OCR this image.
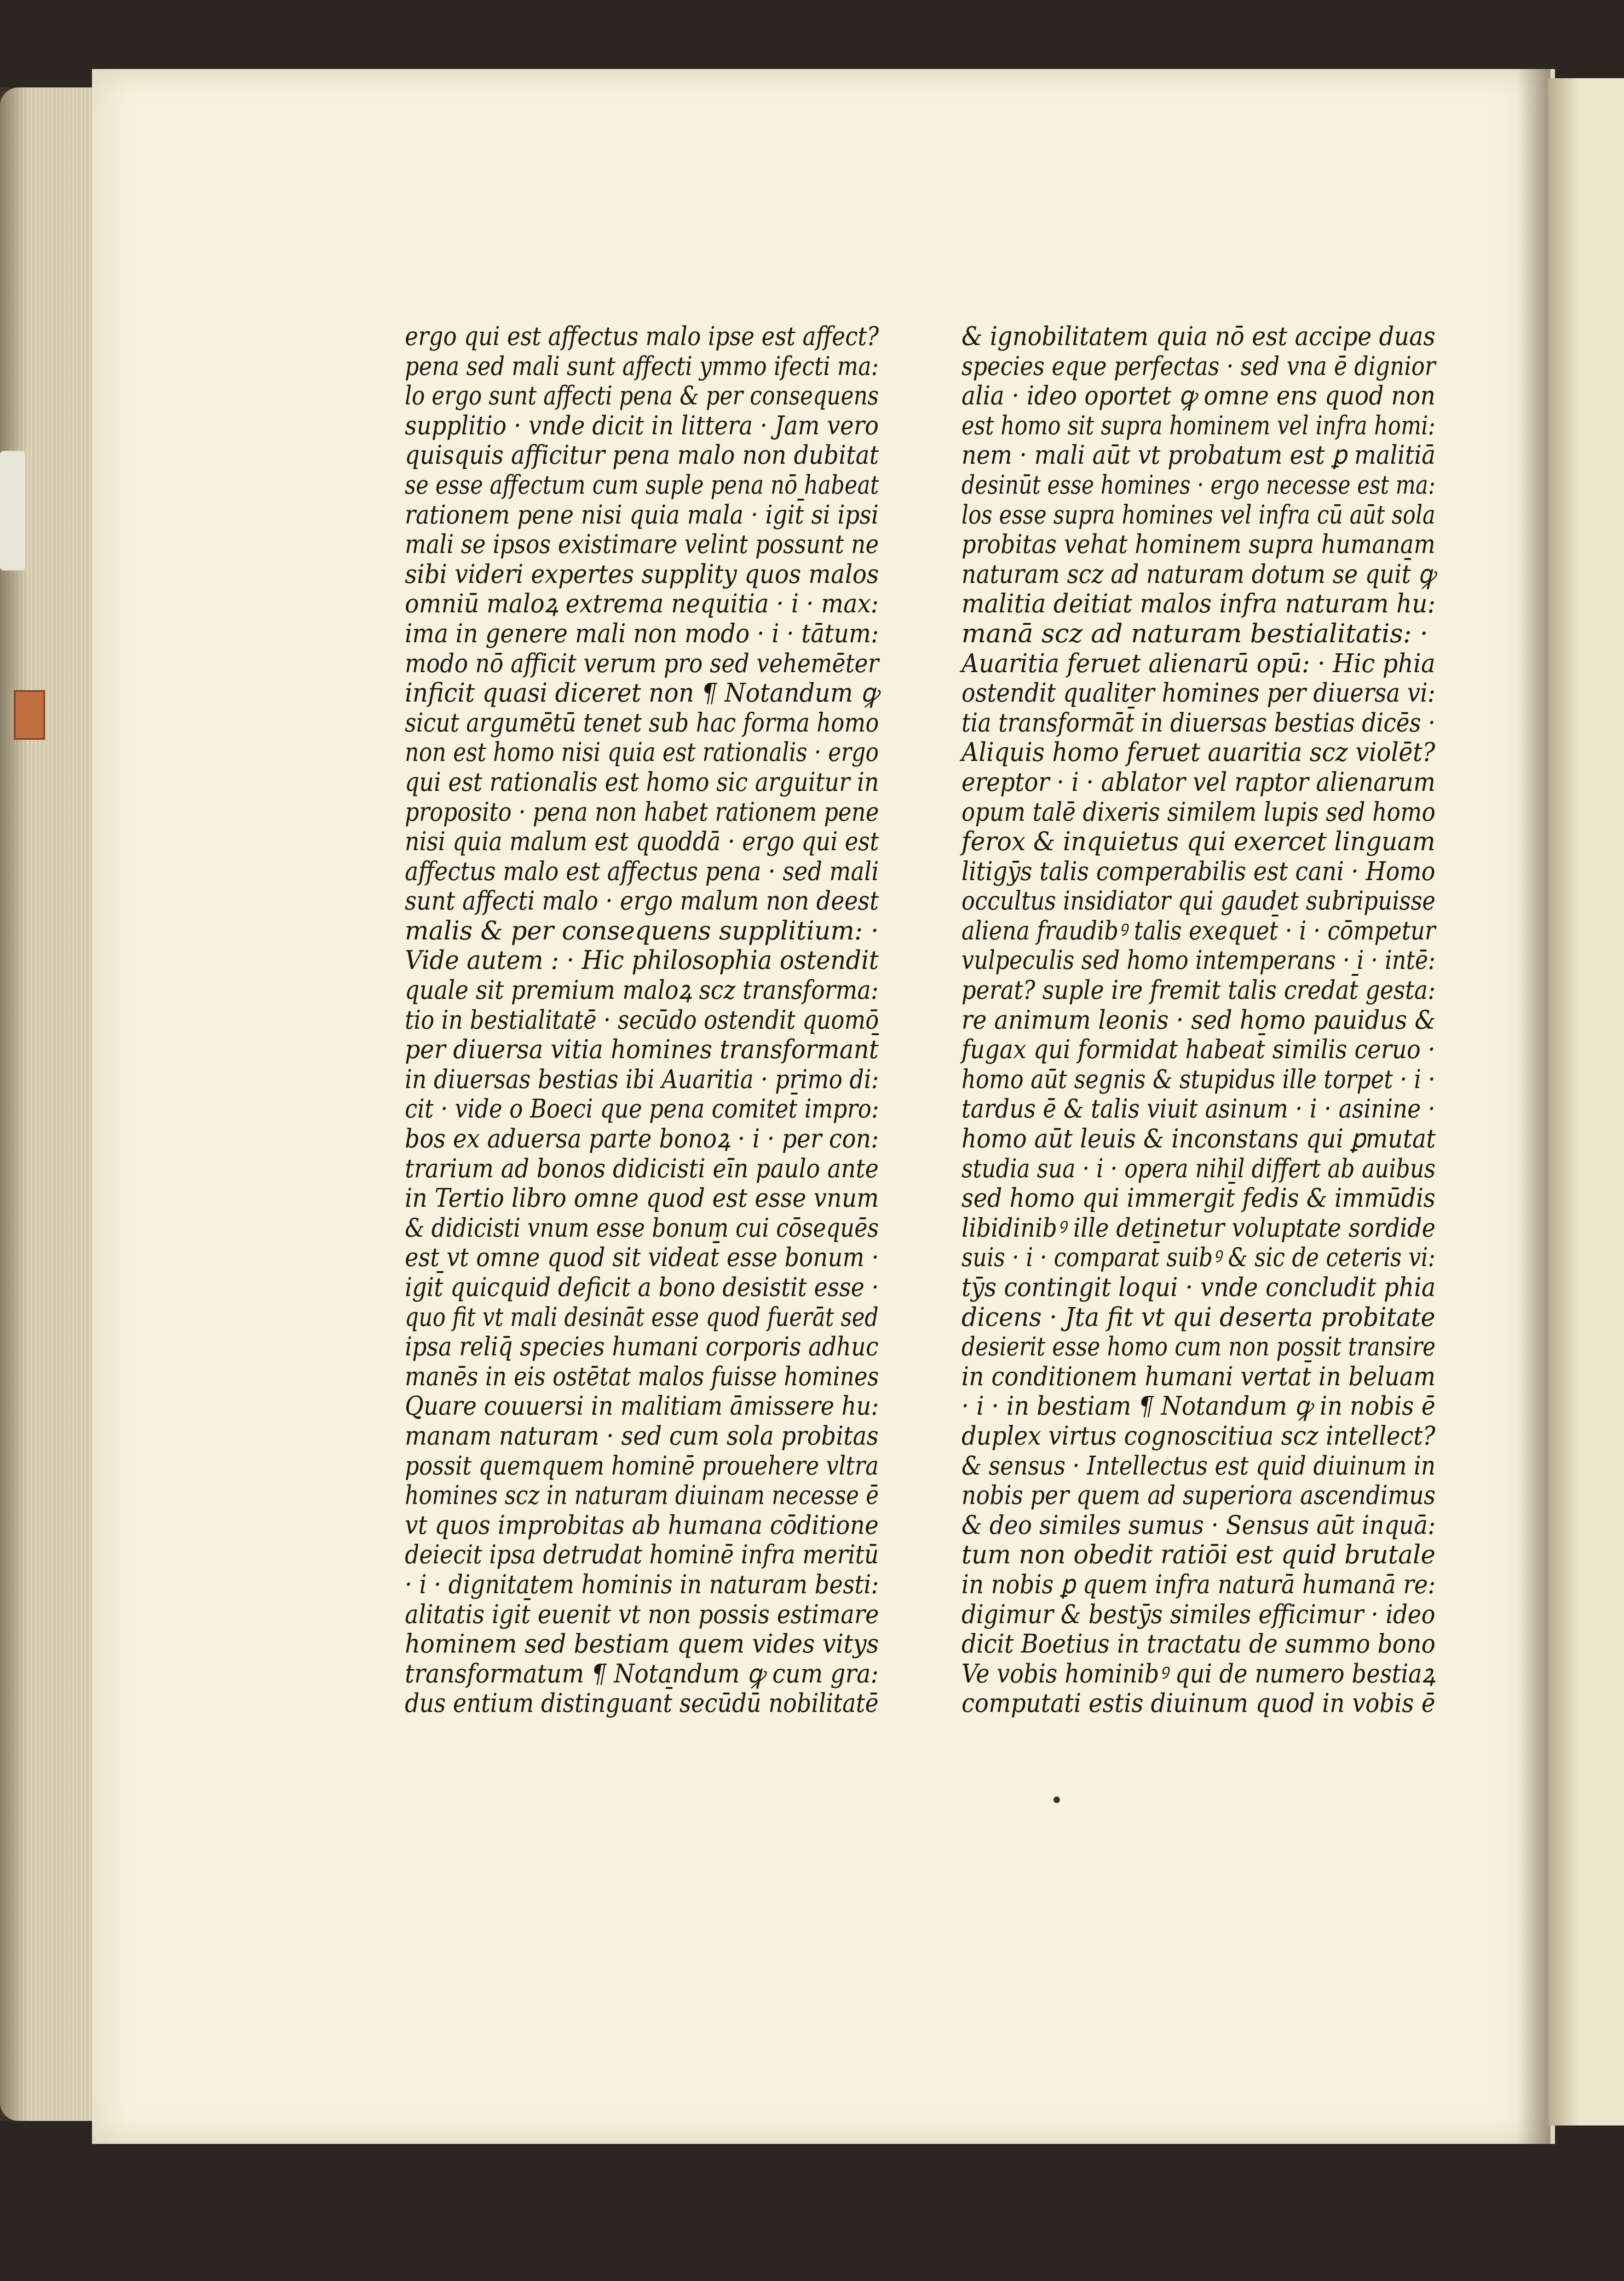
ergo qui est affectus malo ipse est affect?
pena sed mali sunt affecti ymmo ifecti ma:
lo ergo sunt affecti pena & per consequens
supplitio · vnde dicit in littera · Jam vero
quisquis afficitur pena malo non dubitat
se esse affectum cum suple pena nō habeat
rationem pene nisi quia mala · igit̄ si ipsi
mali se ipsos existimare velint possunt ne
sibi videri expertes supplity quos malos
omniū maloꝝ extrema nequitia · i · max:
ima in genere mali non modo · i · tātum:
modo nō afficit verum pro sed vehemēter
inficit quasi diceret non ¶ Notandum ꝙ
sicut argumētū tenet sub hac forma homo
non est homo nisi quia est rationalis · ergo
qui est rationalis est homo sic arguitur in
proposito · pena non habet rationem pene
nisi quia malum est quoddā · ergo qui est
affectus malo est affectus pena · sed mali
sunt affecti malo · ergo malum non deest
malis & per consequens supplitium: ·
Vide autem : · Hic philosophia ostendit
quale sit premium maloꝝ scz transforma:
tio in bestialitatē · secūdo ostendit quomō
per diuersa vitia homines transformant̄
in diuersas bestias ibi Auaritia · primo di:
cit · vide o Boeci que pena comitet̄ impro:
bos ex aduersa parte bonoꝝ · i · per con:
trarium ad bonos didicisti eīn paulo ante
in Tertio libro omne quod est esse vnum
& didicisti vnum esse bonum cui cōsequēs
est vt omne quod sit videat̄ esse bonum ·
igit̄ quicquid deficit a bono desistit esse ·
quo fit vt mali desināt esse quod fuerāt sed
ipsa reliq̄ species humani corporis adhuc
manēs in eis ostētat malos fuisse homines
Quare couuersi in malitiam āmissere hu:
manam naturam · sed cum sola probitas
possit quemquem hominē prouehere vltra
homines scz in naturam diuinam necesse ē
vt quos improbitas ab humana cōditione
deiecit ipsa detrudat hominē infra meritū
· i · dignitatem hominis in naturam besti:
alitatis igit̄ euenit vt non possis estimare
hominem sed bestiam quem vides vitys
transformatum ¶ Notandum ꝙ cum gra:
dus entium distinguant̄ secūdū nobilitatē
& ignobilitatem quia nō est accipe duas
species eque perfectas · sed vna ē dignior
alia · ideo oportet ꝙ omne ens quod non
est homo sit supra hominem vel infra homi:
nem · mali aūt vt probatum est ꝑ malitiā
desinūt esse homines · ergo necesse est ma:
los esse supra homines vel infra cū aūt sola
probitas vehat hominem supra humanam
naturam scz ad naturam dotum se quit̄ ꝙ
malitia deitiat malos infra naturam hu:
manā scz ad naturam bestialitatis: ·
Auaritia feruet alienarū opū: · Hic phia
ostendit qualiter homines per diuersa vi:
tia transformāt̄ in diuersas bestias dicēs ·
Aliquis homo feruet auaritia scz violēt?
ereptor · i · ablator vel raptor alienarum
opum talē dixeris similem lupis sed homo
ferox & inquietus qui exercet linguam
litigȳs talis comperabilis est cani · Homo
occultus insidiator qui gaudet subripuisse
aliena fraudibꝰ talis exequet̄ · i · cōmpetur
vulpeculis sed homo intemperans · i · intē:
perat? suple ire fremit talis credat̄ gesta:
re animum leonis · sed homo pauidus &
fugax qui formidat habeat̄ similis ceruo ·
homo aūt segnis & stupidus ille torpet · i ·
tardus ē & talis viuit asinum · i · asinine ·
homo aūt leuis & inconstans qui ꝑmutat
studia sua · i · opera nihil differt ab auibus
sed homo qui immergit̄ fedis & immūdis
libidinibꝰ ille detinetur voluptate sordide
suis · i · comparat̄ suibꝰ & sic de ceteris vi:
tȳs contingit loqui · vnde concludit phia
dicens · Jta fit vt qui deserta probitate
desierit esse homo cum non possit transire
in conditionem humani vertat̄ in beluam
· i · in bestiam ¶ Notandum ꝙ in nobis ē
duplex virtus cognoscitiua scz intellect?
& sensus · Intellectus est quid diuinum in
nobis per quem ad superiora ascendimus
& deo similes sumus · Sensus aūt inquā:
tum non obedit ratiōi est quid brutale
in nobis ꝑ quem infra naturā humanā re:
digimur & bestȳs similes efficimur · ideo
dicit Boetius in tractatu de summo bono
Ve vobis hominibꝰ qui de numero bestiaꝝ
computati estis diuinum quod in vobis ē
